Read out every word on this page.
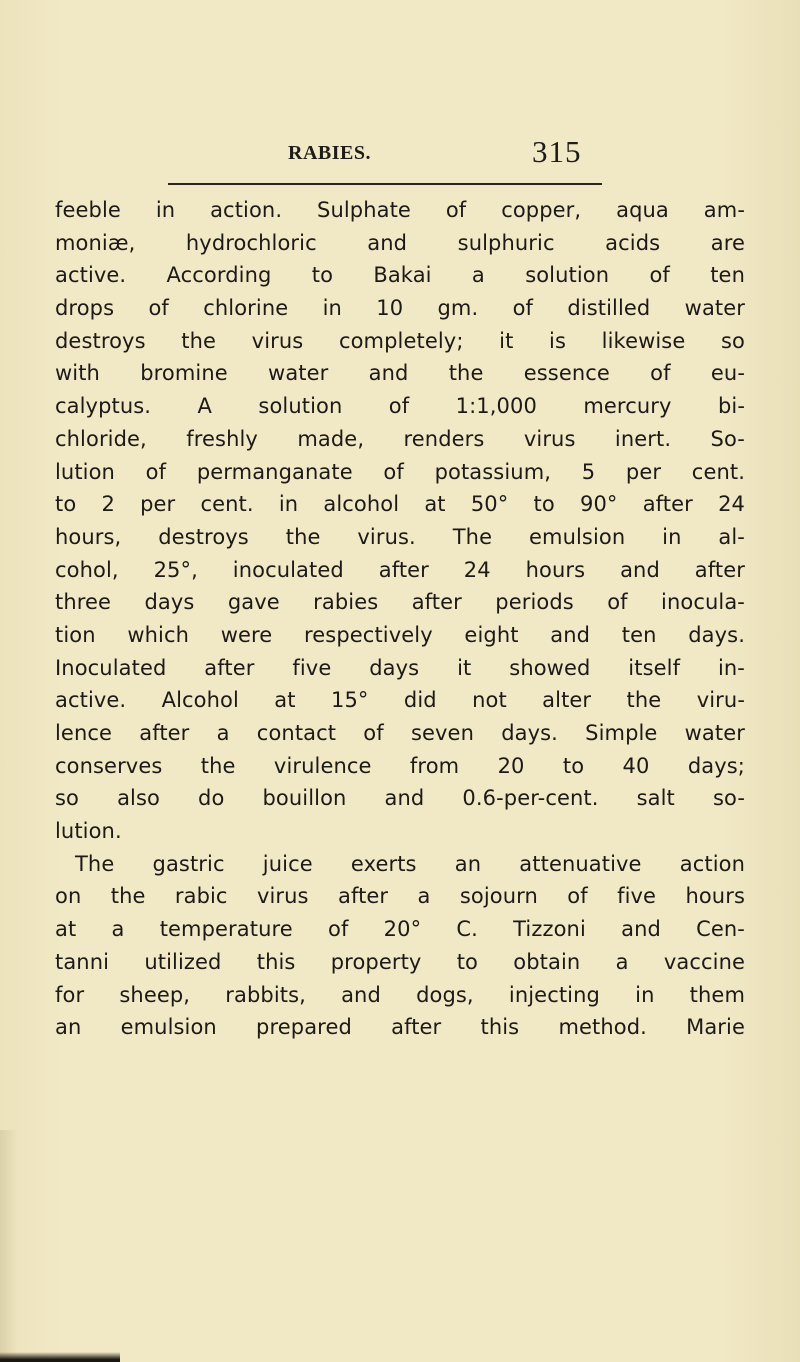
RABIES.	315
feeble in action. Sulphate of copper, aqua am-
moniæ, hydrochloric and sulphuric acids are
active. According to Bakai a solution of ten
drops of chlorine in 10 gm. of distilled water
destroys the virus completely; it is likewise so
with bromine water and the essence of eu-
calyptus. A solution of 1:1,000 mercury bi-
chloride, freshly made, renders virus inert. So-
lution of permanganate of potassium, 5 per cent.
to 2 per cent. in alcohol at 50° to 90° after 24
hours, destroys the virus. The emulsion in al-
cohol, 25°, inoculated after 24 hours and after
three days gave rabies after periods of inocula-
tion which were respectively eight and ten days.
Inoculated after five days it showed itself in-
active. Alcohol at 15° did not alter the viru-
lence after a contact of seven days. Simple water
conserves the virulence from 20 to 40 days;
so also do bouillon and 0.6-per-cent. salt so-
lution.
The gastric juice exerts an attenuative action
on the rabic virus after a sojourn of five hours
at a temperature of 20° C. Tizzoni and Cen-
tanni utilized this property to obtain a vaccine
for sheep, rabbits, and dogs, injecting in them
an emulsion prepared after this method. Marie
